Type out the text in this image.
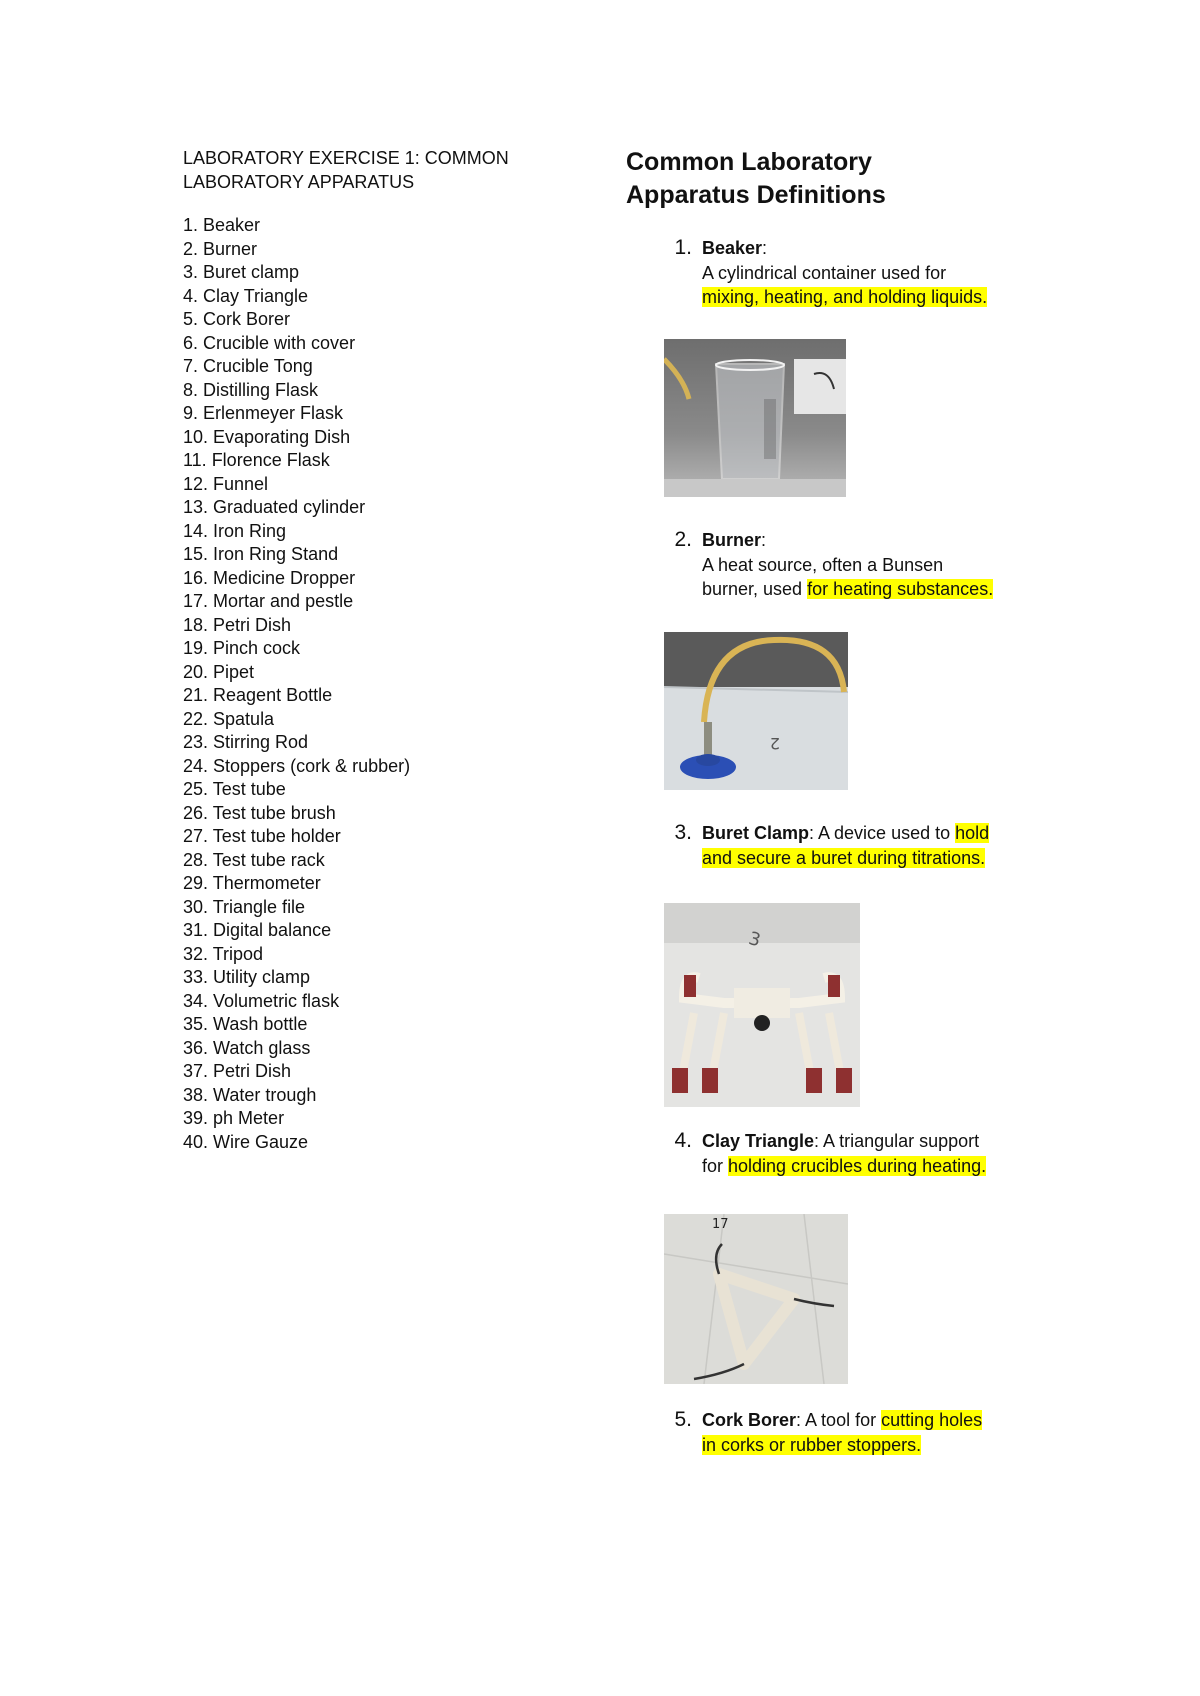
LABORATORY EXERCISE 1: COMMON

LABORATORY APPARATUS

1. Beaker
2. Burner
3. Buret clamp
4. Clay Triangle
5. Cork Borer
6. Crucible with cover
7. Crucible Tong
8. Distilling Flask
9. Erlenmeyer Flask
10. Evaporating Dish
11. Florence Flask
12. Funnel
13. Graduated cylinder
14. Iron Ring
15. Iron Ring Stand
16. Medicine Dropper
17. Mortar and pestle
18. Petri Dish
19. Pinch cock
20. Pipet
21. Reagent Bottle
22. Spatula
23. Stirring Rod
24. Stoppers (cork & rubber)
25. Test tube
26. Test tube brush
27. Test tube holder
28. Test tube rack
29. Thermometer
30. Triangle file
31. Digital balance
32. Tripod
33. Utility clamp
34. Volumetric flask
35. Wash bottle
36. Watch glass
37. Petri Dish
38. Water trough
39. ph Meter
40. Wire Gauze

Common Laboratory

Apparatus Definitions

1. Beaker:
A cylindrical container used for
mixing, heating, and holding liquids.
2. Burner:
A heat source, often a Bunsen
burner, used for heating substances.
2
3. Buret Clamp: A device used to hold
and secure a buret during titrations.
3
4. Clay Triangle: A triangular support
for holding crucibles during heating.
17
5. Cork Borer: A tool for cutting holes
in corks or rubber stoppers.
